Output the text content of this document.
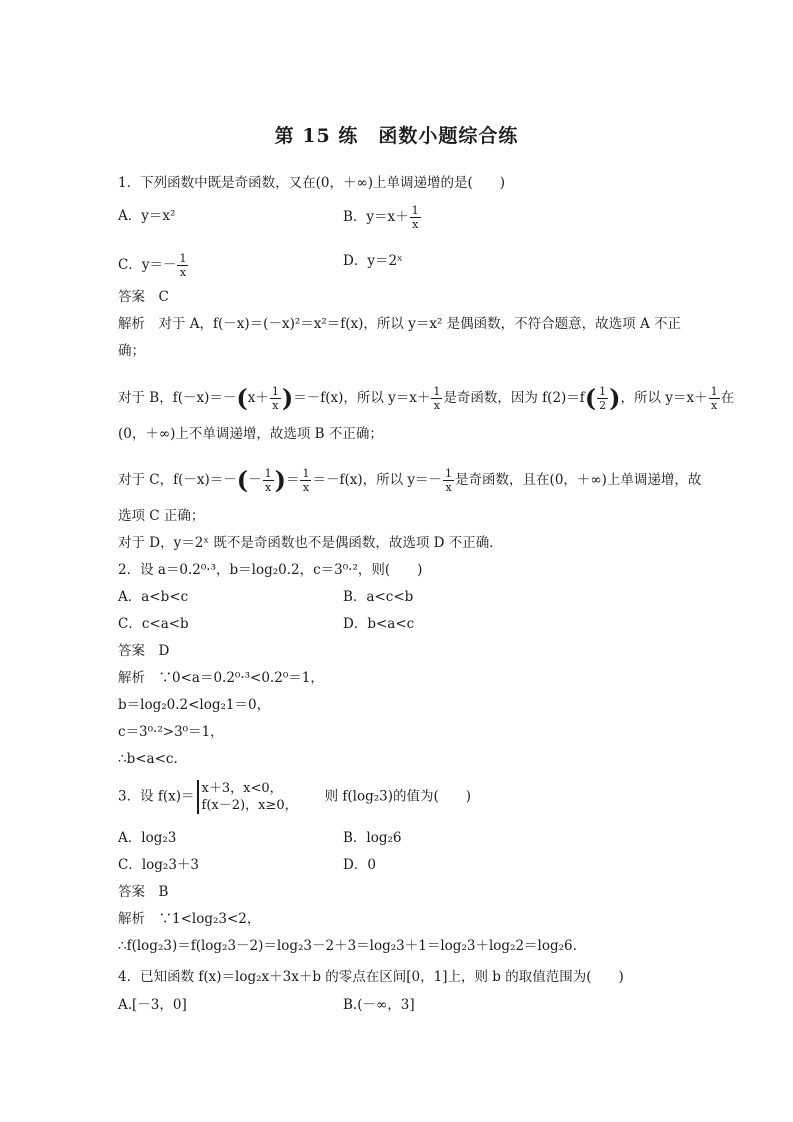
第 15 练　函数小题综合练
1．下列函数中既是奇函数，又在(0，＋∞)上单调递增的是(　　)
A．y＝x²	B．$y=x+ \frac{1}{x}$
C．$y=- \frac{1}{x}$	D．y＝2ˣ
答案　C
解析　对于 A，f(－x)＝(－x)²＝x²＝f(x)，所以 y＝x² 是偶函数，不符合题意，故选项 A 不正
确；
对于 B，$f(-x)=-(x+ \frac{1}{x} )=-f(x)$，所以 $y=x+ \frac{1}{x}$ 是奇函数，因为 $f(2)=f( \frac{1}{2}$ )，所以 $y=x+ \frac{1}{x}$ 在
(0，＋∞)上不单调递增，故选项 B 不正确；
对于 C，$f(-x)=-(- \frac{1}{x}$ )＝ $\frac{1}{x} =-f(x)$，所以 $y=- \frac{1}{x}$ 是奇函数，且在(0，＋∞)上单调递增，故
选项 C 正确；
对于 D，y＝2ˣ 既不是奇函数也不是偶函数，故选项 D 不正确．
2．设 a＝0.2⁰·³，b＝log₂0.2，c＝3⁰·²，则(　　)
A．a<b<c	B．a<c<b
C．c<a<b	D．b<a<c
答案　D
解析　∵0<a＝0.2⁰·³<0.2⁰＝1，
b＝log₂0.2<log₂1＝0，
c＝3⁰·²>3⁰＝1，
∴b<a<c.
3．设 f(x)＝ x＋3，x<0，
f(x－2)，x≥0，　　则 f(log₂3)的值为(　　)
A．log₂3	B．log₂6
C．log₂3＋3	D．0
答案　B
解析　∵1<log₂3<2，
∴f(log₂3)＝f(log₂3－2)＝log₂3－2＋3＝log₂3＋1＝log₂3＋log₂2＝log₂6.
4．已知函数 f(x)＝log₂x＋3x＋b 的零点在区间[0，1]上，则 b 的取值范围为(　　)
A.[－3，0]	B.(－∞，3]
